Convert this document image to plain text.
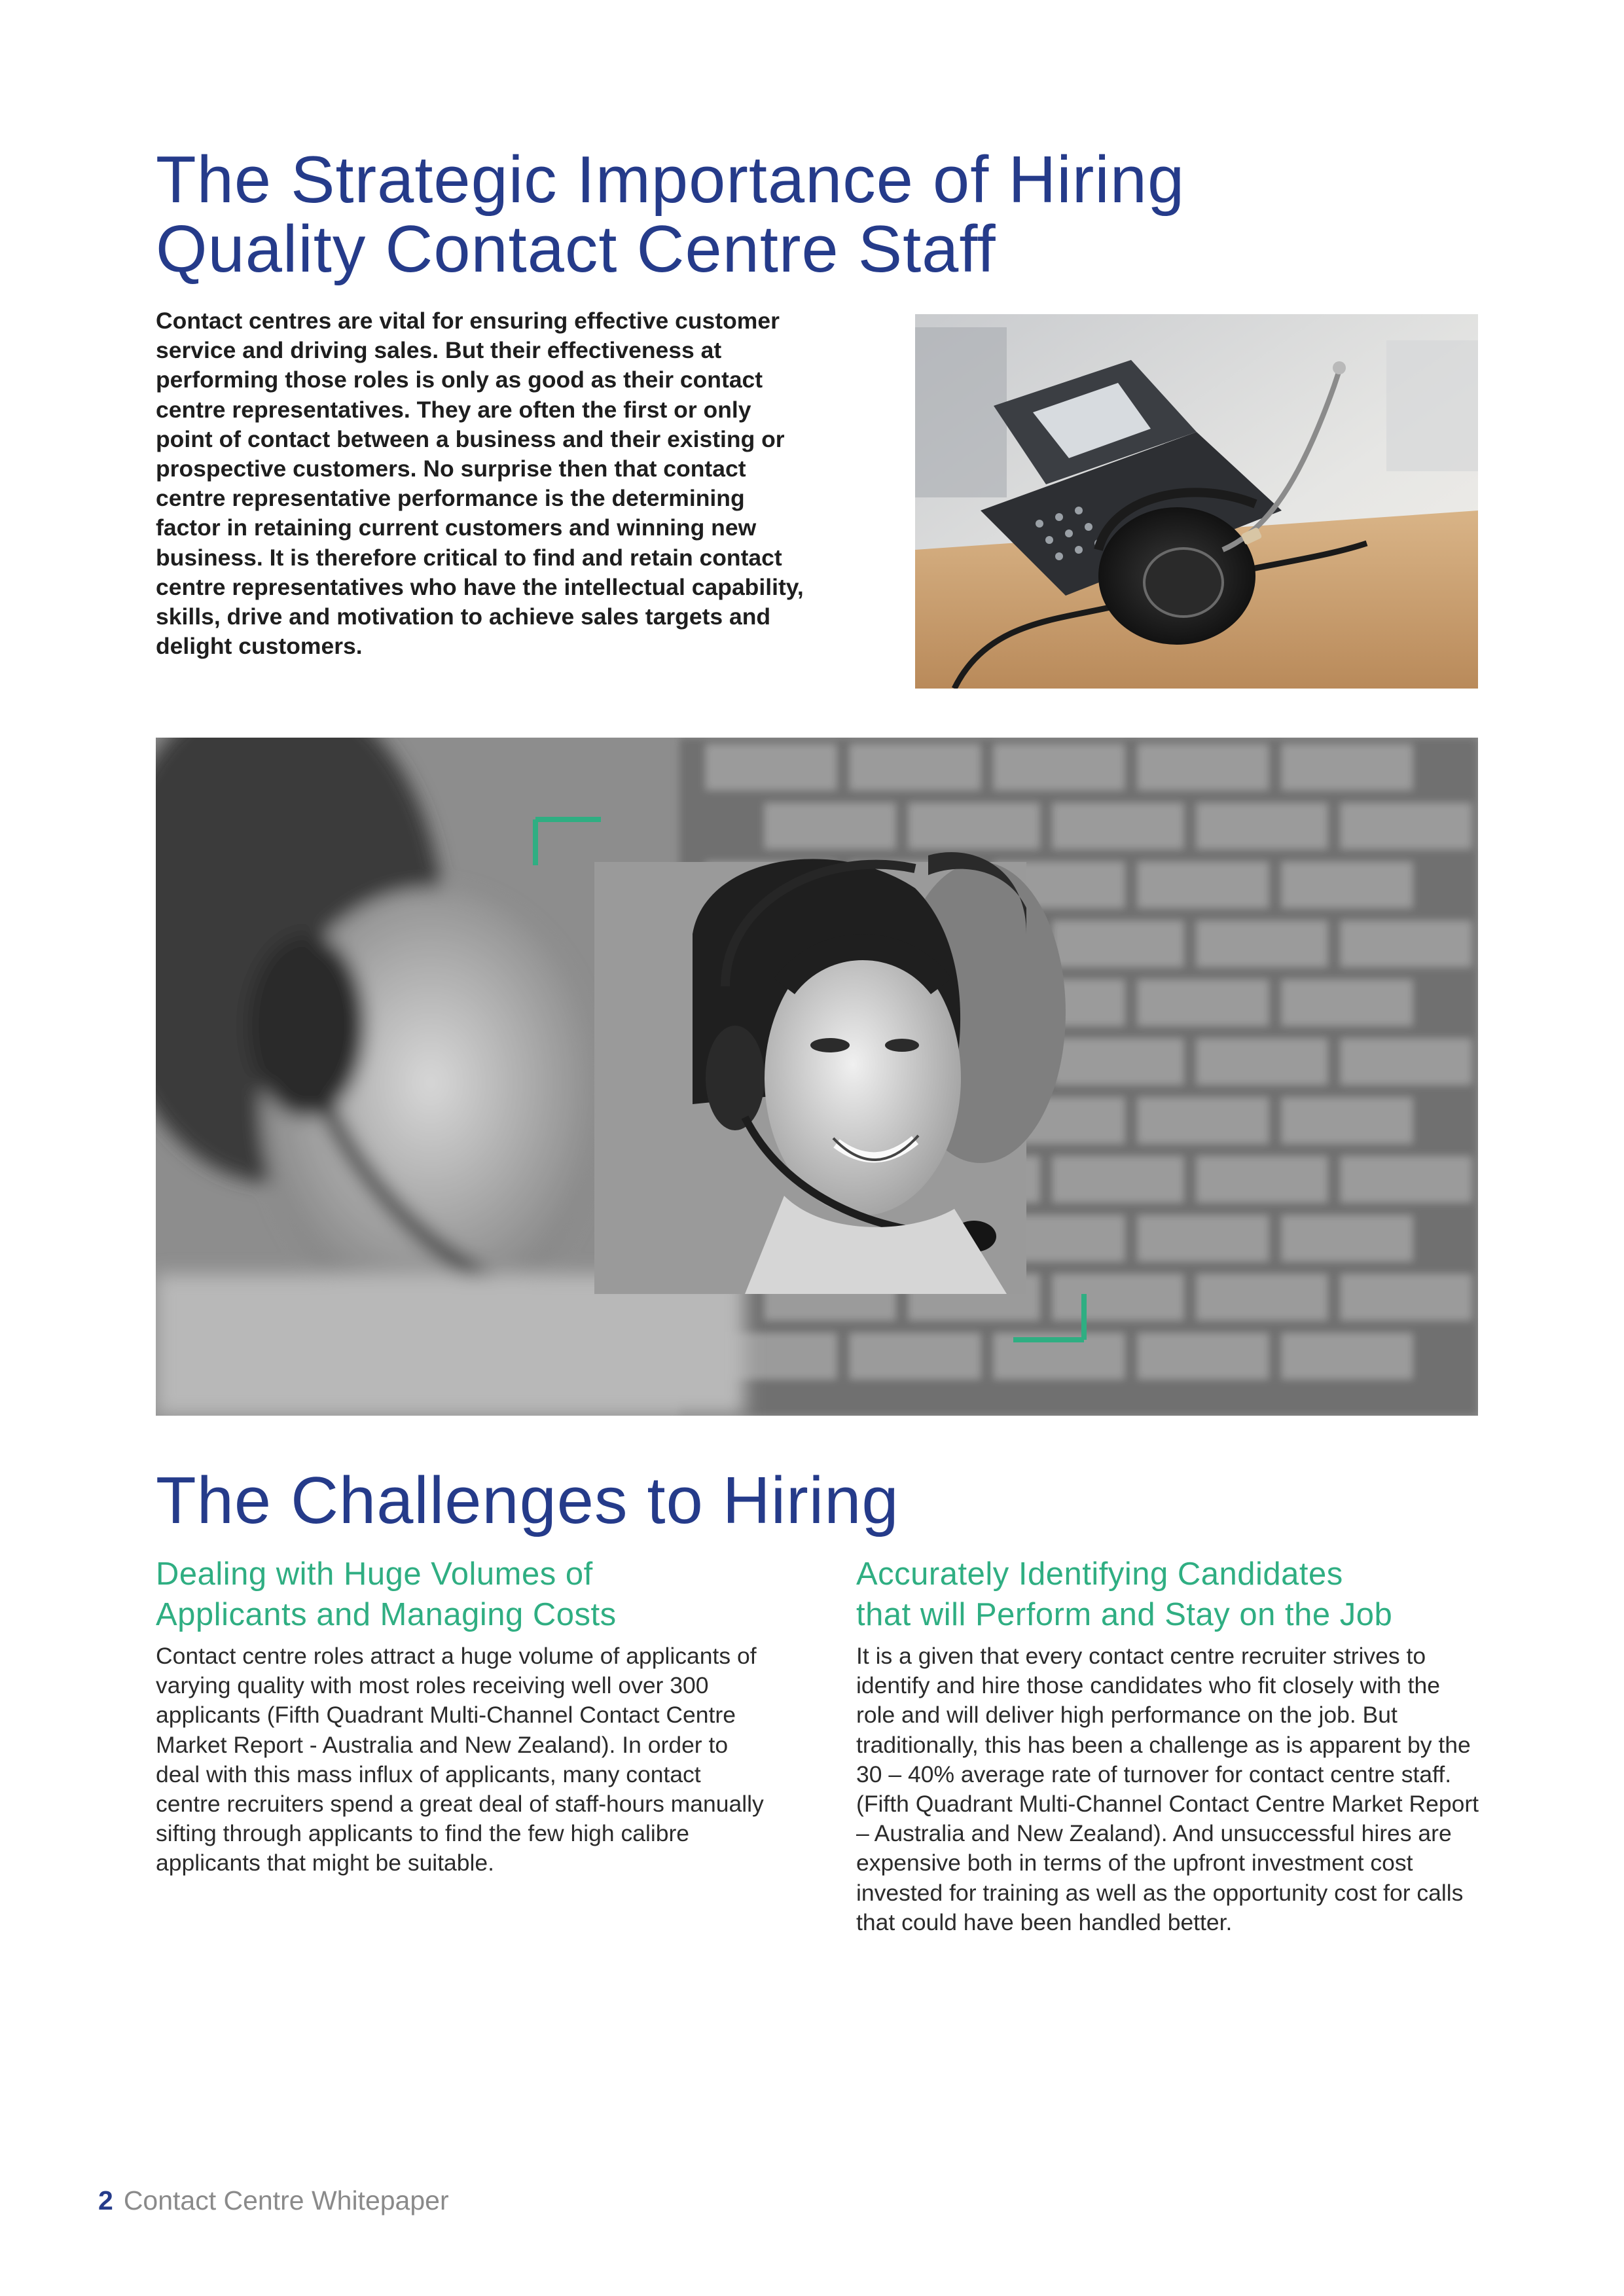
The Strategic Importance of Hiring
Quality Contact Centre Staff

Contact centres are vital for ensuring effective customer service and driving sales. But their effectiveness at performing those roles is only as good as their contact centre representatives. They are often the first or only point of contact between a business and their existing or prospective customers. No surprise then that contact centre representative performance is the determining factor in retaining current customers and winning new business. It is therefore critical to find and retain contact centre representatives who have the intellectual capability, skills, drive and motivation to achieve sales targets and delight customers.

The Challenges to Hiring
Dealing with Huge Volumes of
Applicants and Managing Costs

Contact centre roles attract a huge volume of applicants of varying quality with most roles receiving well over 300 applicants (Fifth Quadrant Multi-Channel Contact Centre Market Report - Australia and New Zealand). In order to deal with this mass influx of applicants, many contact centre recruiters spend a great deal of staff-hours manually sifting through applicants to find the few high calibre applicants that might be suitable.

Accurately Identifying Candidates
that will Perform and Stay on the Job

It is a given that every contact centre recruiter strives to identify and hire those candidates who fit closely with the role and will deliver high performance on the job. But traditionally, this has been a challenge as is apparent by the 30 – 40% average rate of turnover for contact centre staff. (Fifth Quadrant Multi-Channel Contact Centre Market Report – Australia and New Zealand). And unsuccessful hires are expensive both in terms of the upfront investment cost invested for training as well as the opportunity cost for calls that could have been handled better.

2 Contact Centre Whitepaper
